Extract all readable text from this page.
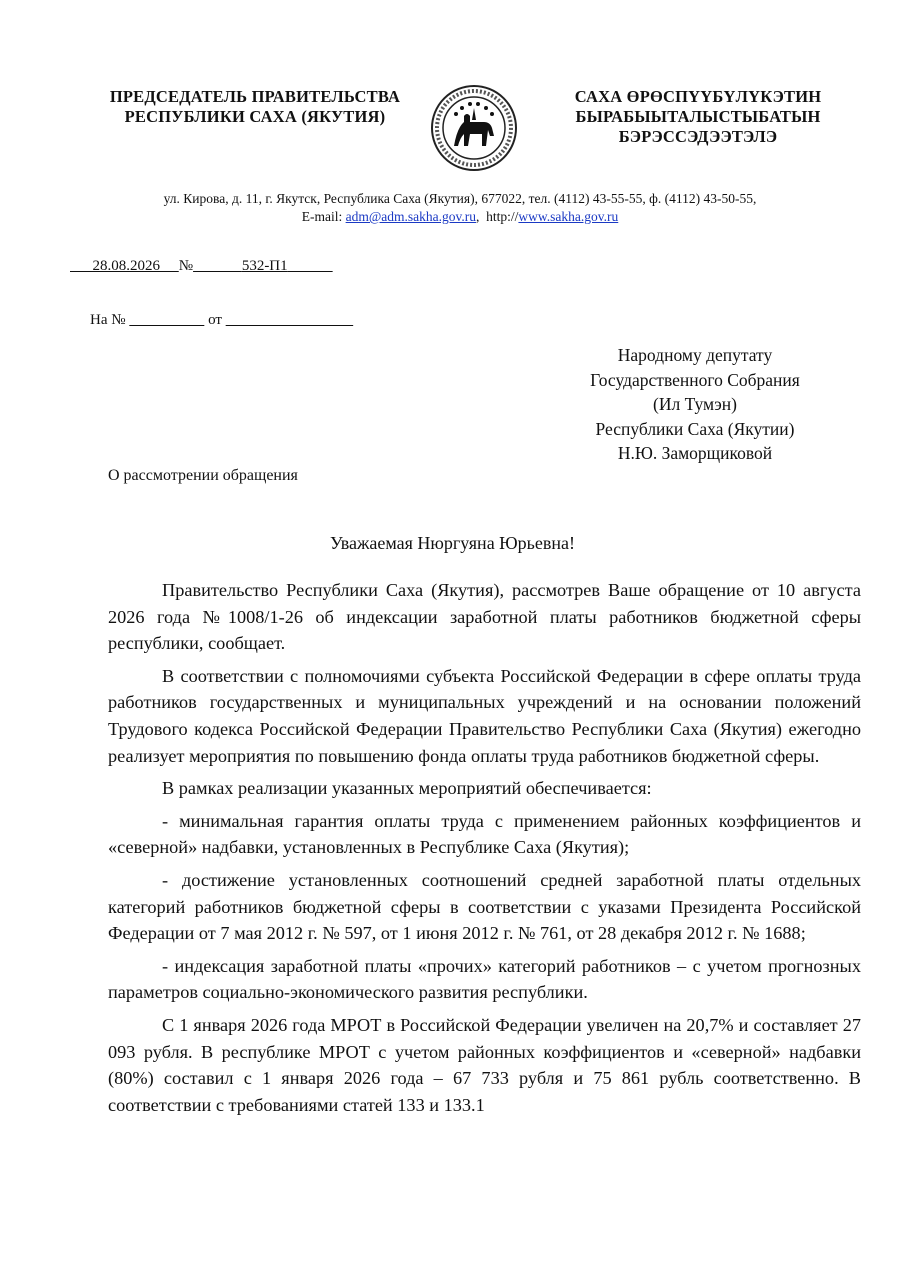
ПРЕДСЕДАТЕЛЬ ПРАВИТЕЛЬСТВА
РЕСПУБЛИКИ САХА (ЯКУТИЯ)
САХА ӨРӨСПҮҮБҮЛҮКЭТИН
БЫРАБЫЫТАЛЫСТЫБАТЫН
БЭРЭССЭДЭЭТЭЛЭ
ул. Кирова, д. 11, г. Якутск, Республика Саха (Якутия), 677022, тел. (4112) 43-55-55, ф. (4112) 43-50-55,
E-mail: adm@adm.sakha.gov.ru,  http://www.sakha.gov.ru
28.08.2026 №	532-П1
На №	от
Народному депутату
Государственного Собрания
(Ил Тумэн)
Республики Саха (Якутии)
Н.Ю. Заморщиковой
О рассмотрении обращения
Уважаемая Нюргуяна Юрьевна!

Правительство Республики Саха (Якутия), рассмотрев Ваше обращение от 10 августа 2026 года №1008/1-26 об индексации заработной платы работников бюджетной сферы республики, сообщает.

В соответствии с полномочиями субъекта Российской Федерации в сфере оплаты труда работников государственных и муниципальных учреждений и на основании положений Трудового кодекса Российской Федерации Правительство Республики Саха (Якутия) ежегодно реализует мероприятия по повышению фонда оплаты труда работников бюджетной сферы.

В рамках реализации указанных мероприятий обеспечивается:

- минимальная гарантия оплаты труда с применением районных коэффициентов и «северной» надбавки, установленных в Республике Саха (Якутия);

- достижение установленных соотношений средней заработной платы отдельных категорий работников бюджетной сферы в соответствии с указами Президента Российской Федерации от 7 мая 2012 г. № 597, от 1 июня 2012 г. № 761, от 28 декабря 2012 г. № 1688;

- индексация заработной платы «прочих» категорий работников – с учетом прогнозных параметров социально-экономического развития республики.

С 1 января 2026 года МРОТ в Российской Федерации увеличен на 20,7% и составляет 27 093 рубля. В республике МРОТ с учетом районных коэффициентов и «северной» надбавки (80%) составил с 1 января 2026 года – 67 733 рубля и 75 861 рубль соответственно. В соответствии с требованиями статей 133 и 133.1
